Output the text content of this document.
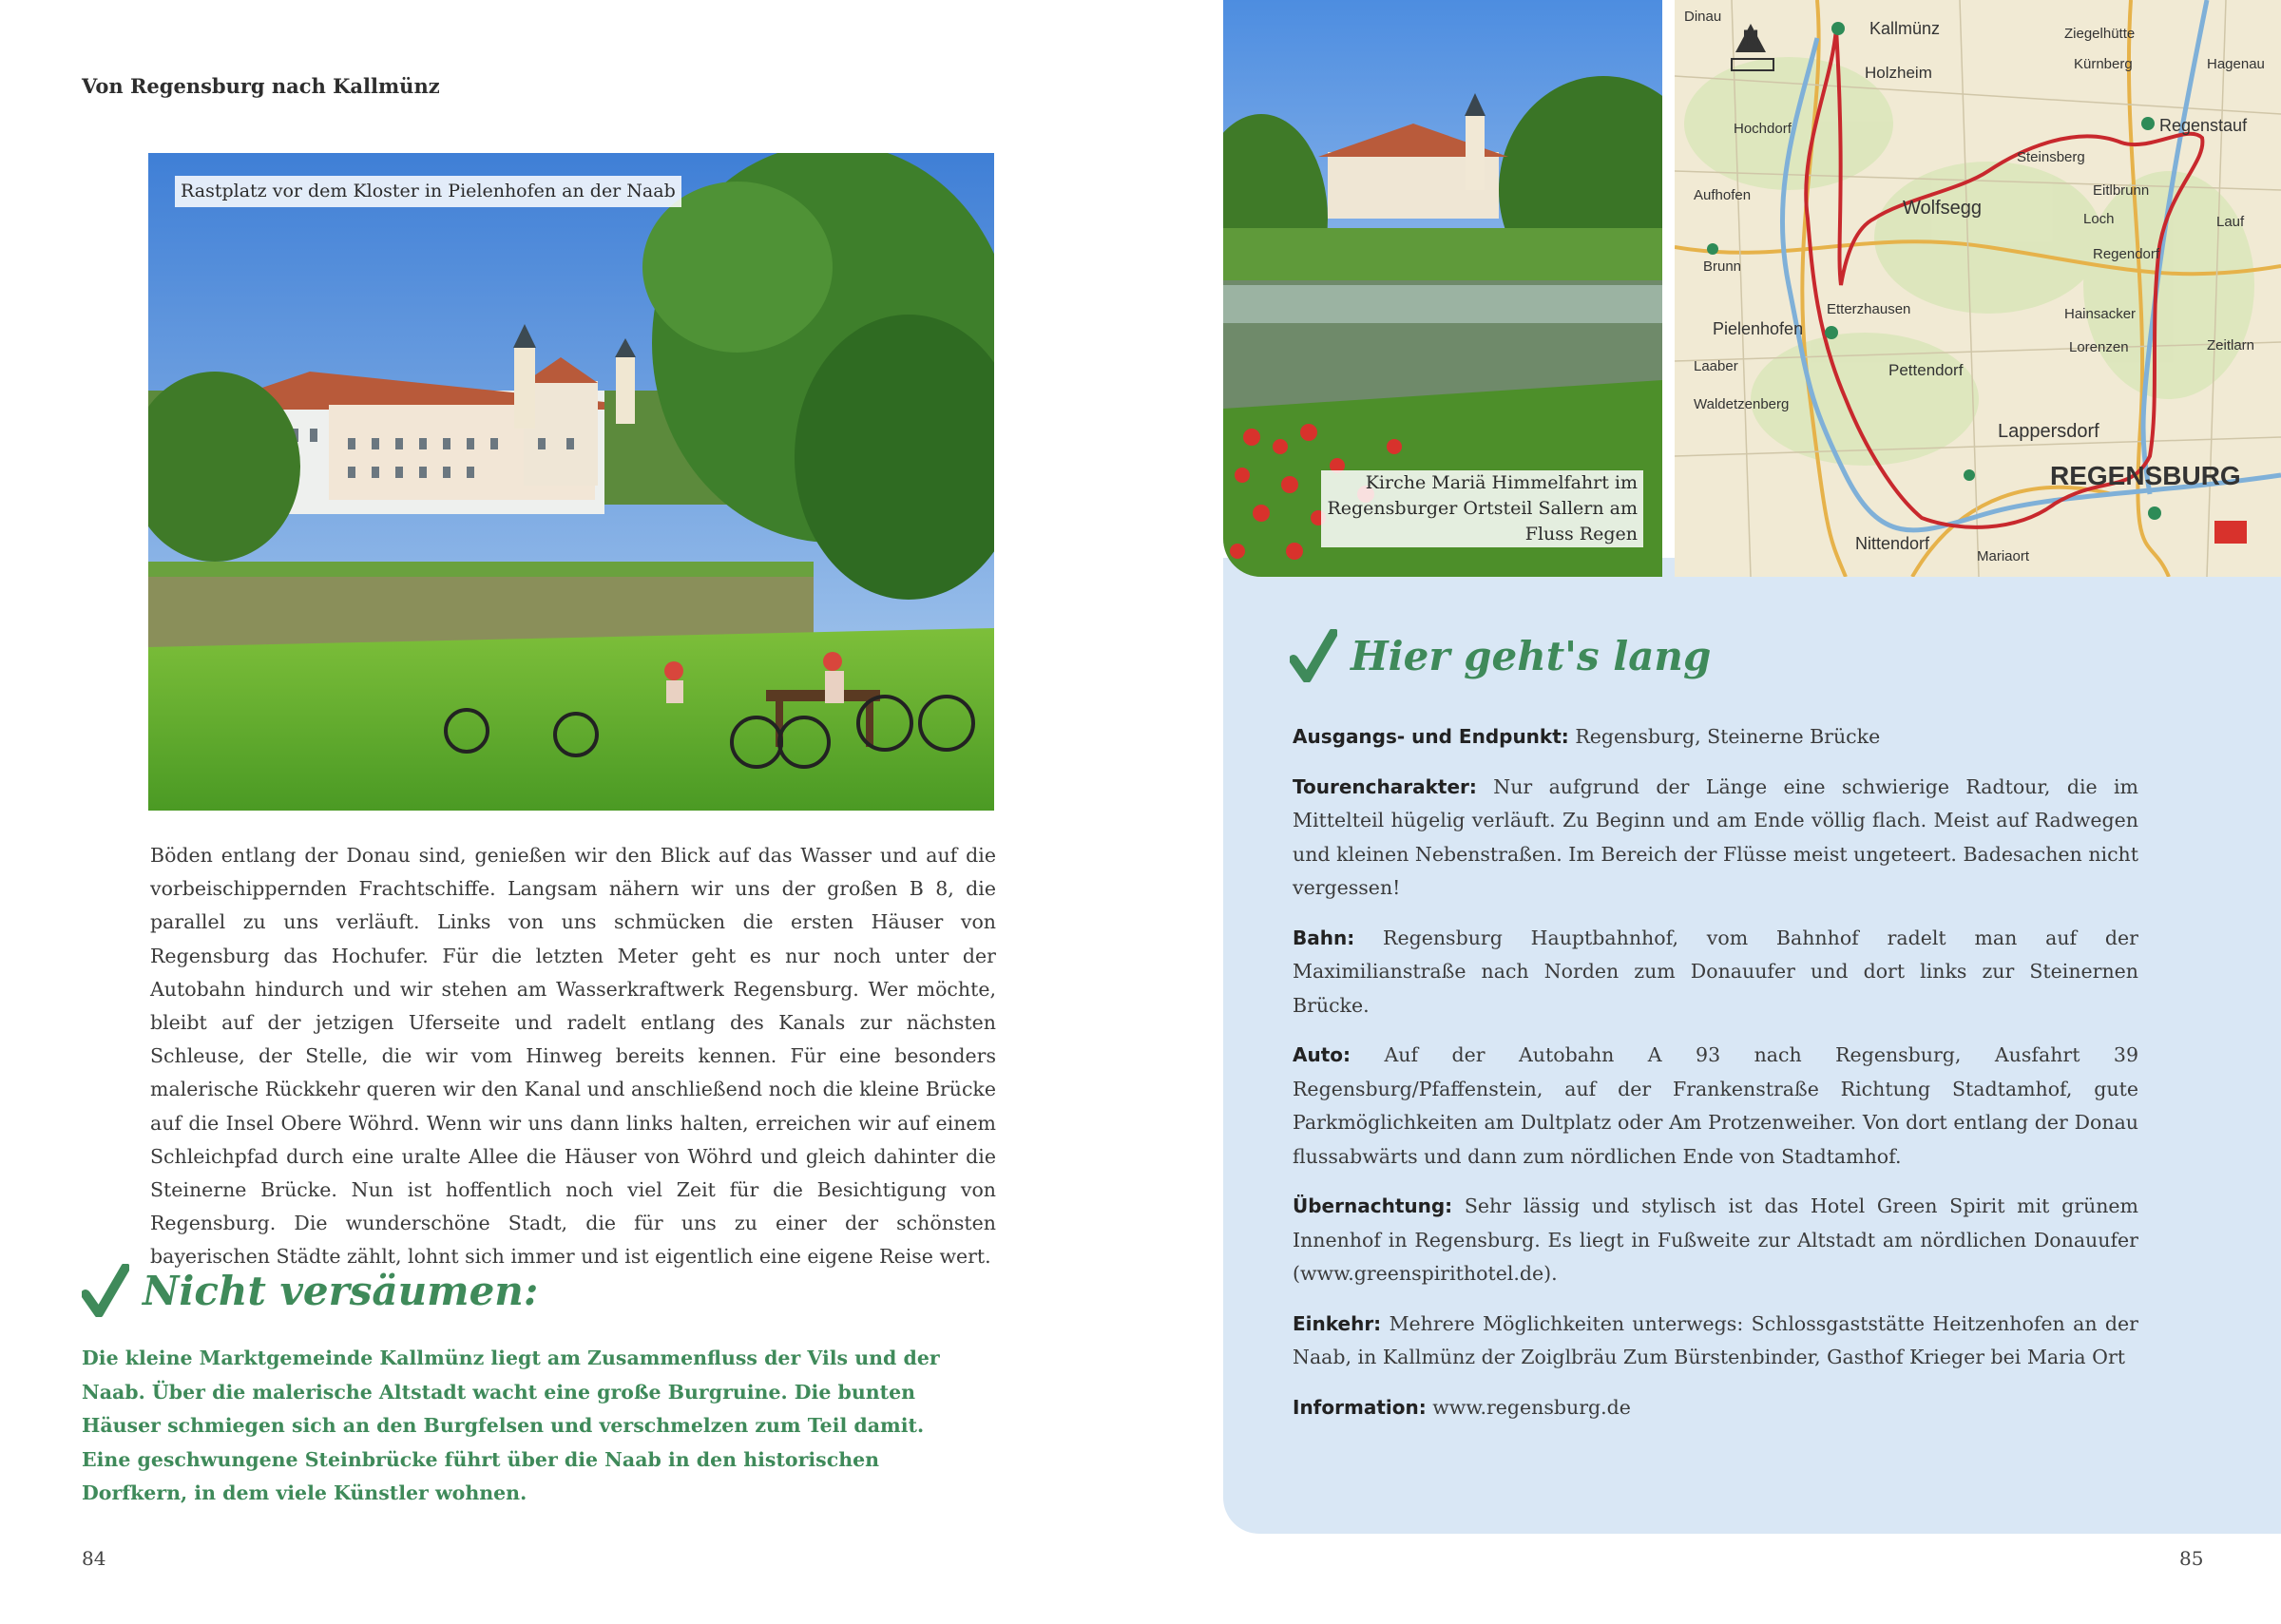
Von Regensburg nach Kallmünz
Rastplatz vor dem Kloster in Pielenhofen an der Naab

Böden entlang der Donau sind, genießen wir den Blick auf das Wasser und auf die vorbeischippernden Frachtschiffe. Langsam nähern wir uns der großen B 8, die parallel zu uns verläuft. Links von uns schmücken die ersten Häuser von Regensburg das Hochufer. Für die letzten Meter geht es nur noch unter der Autobahn hindurch und wir stehen am Wasserkraftwerk Regensburg. Wer möchte, bleibt auf der jetzigen Uferseite und radelt entlang des Kanals zur nächsten Schleuse, der Stelle, die wir vom Hinweg bereits kennen. Für eine besonders malerische Rückkehr queren wir den Kanal und anschließend noch die kleine Brücke auf die Insel Obere Wöhrd. Wenn wir uns dann links halten, erreichen wir auf einem Schleichpfad durch eine uralte Allee die Häuser von Wöhrd und gleich dahinter die Steinerne Brücke. Nun ist hoffentlich noch viel Zeit für die Besichtigung von Regensburg. Die wunderschöne Stadt, die für uns zu einer der schönsten bayerischen Städte zählt, lohnt sich immer und ist eigentlich eine eigene Reise wert.

Nicht versäumen:

Die kleine Marktgemeinde Kallmünz liegt am Zusammenfluss der Vils und der Naab. Über die malerische Altstadt wacht eine große Burgruine. Die bunten Häuser schmiegen sich an den Burgfelsen und verschmelzen zum Teil damit. Eine geschwungene Steinbrücke führt über die Naab in den historischen Dorfkern, in dem viele Künstler wohnen.

84
Kirche Mariä Himmelfahrt im
Regensburger Ortsteil Sallern am
Fluss Regen
N	Kallmünz
Holzheim
Ziegelhütte
Kürnberg	Hagenau
Regenstauf
Hochdorf
Steinsberg
Wolfsegg
Eitlbrunn
Loch	Lauf
Brunn
Regendorf
Pielenhofen
Pettendorf
Hainsacker
Lorenzen	Zeitlarn
Lappersdorf
Etterzhausen
Nittendorf
REGENSBURG
Mariaort
Waldetzenberg
Dinau
Aufhofen
Laaber
Hier geht's lang

Ausgangs- und Endpunkt: Regensburg, Steinerne Brücke

Tourencharakter: Nur aufgrund der Länge eine schwierige Radtour, die im Mittelteil hügelig verläuft. Zu Beginn und am Ende völlig flach. Meist auf Radwegen und kleinen Nebenstraßen. Im Bereich der Flüsse meist ungeteert. Badesachen nicht vergessen!

Bahn: Regensburg Hauptbahnhof, vom Bahnhof radelt man auf der Maximilianstraße nach Norden zum Donauufer und dort links zur Steinernen Brücke.

Auto: Auf der Autobahn A 93 nach Regensburg, Ausfahrt 39 Regensburg/Pfaffenstein, auf der Frankenstraße Richtung Stadtamhof, gute Parkmöglichkeiten am Dultplatz oder Am Protzenweiher. Von dort entlang der Donau flussabwärts und dann zum nördlichen Ende von Stadtamhof.

Übernachtung: Sehr lässig und stylisch ist das Hotel Green Spirit mit grünem Innenhof in Regensburg. Es liegt in Fußweite zur Altstadt am nördlichen Donauufer (www.greenspirithotel.de).

Einkehr: Mehrere Möglichkeiten unterwegs: Schlossgaststätte Heitzenhofen an der Naab, in Kallmünz der Zoiglbräu Zum Bürstenbinder, Gasthof Krieger bei Maria Ort

Information: www.regensburg.de

85
